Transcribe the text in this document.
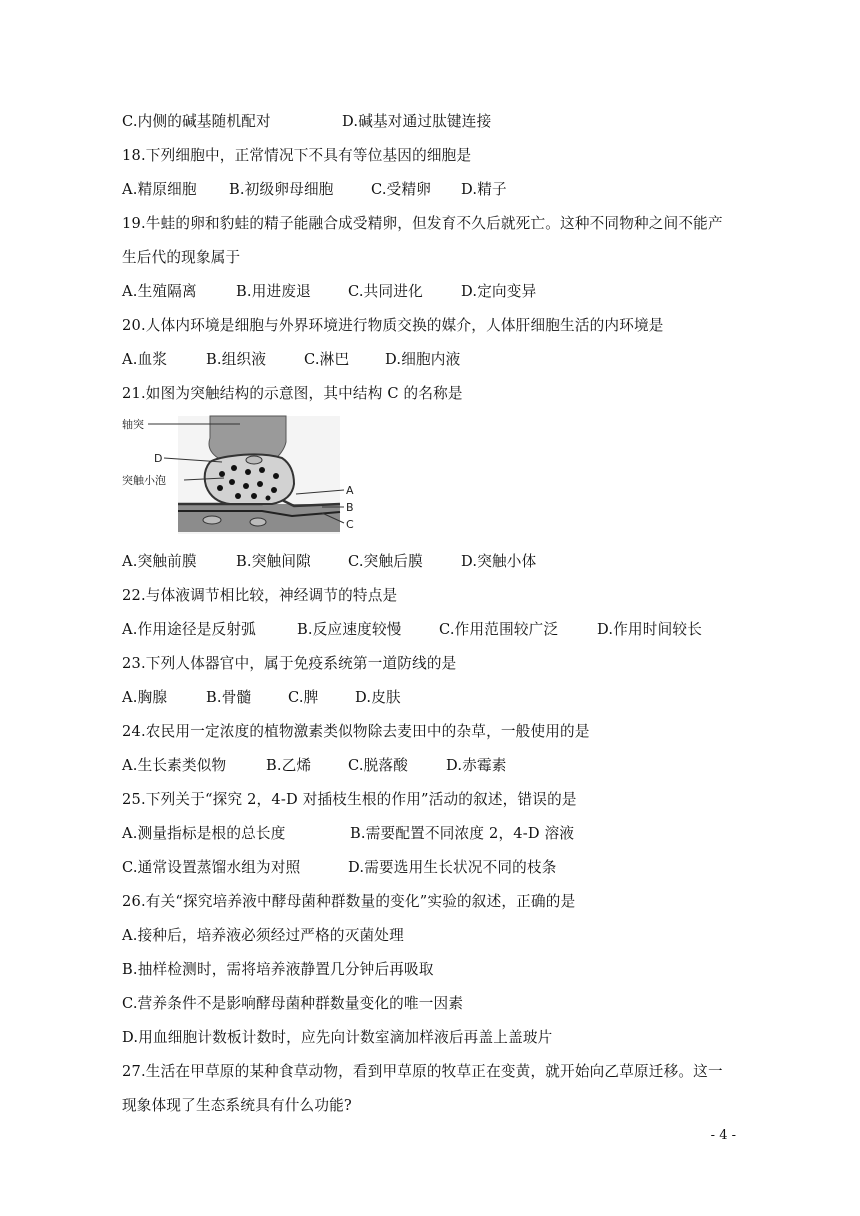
C.内侧的碱基随机配对	D.碱基对通过肽键连接
18.下列细胞中，正常情况下不具有等位基因的细胞是
A.精原细胞 B.初级卵母细胞	C.受精卵 D.精子
19.牛蛙的卵和豹蛙的精子能融合成受精卵，但发育不久后就死亡。这种不同物种之间不能产
生后代的现象属于
A.生殖隔离	B.用进废退	C.共同进化	D.定向变异
20.人体内环境是细胞与外界环境进行物质交换的媒介，人体肝细胞生活的内环境是
A.血浆	B.组织液	C.淋巴 D.细胞内液
21.如图为突触结构的示意图，其中结构 C 的名称是
轴突
D
突触小泡
A
B
C
A.突触前膜	B.突触间隙	C.突触后膜	D.突触小体
22.与体液调节相比较，神经调节的特点是
A.作用途径是反射弧	B.反应速度较慢	C.作用范围较广泛	D.作用时间较长
23.下列人体器官中，属于免疫系统第一道防线的是
A.胸腺	B.骨髓	C.脾	D.皮肤
24.农民用一定浓度的植物激素类似物除去麦田中的杂草，一般使用的是
A.生长素类似物	B.乙烯	C.脱落酸	D.赤霉素
25.下列关于“探究 2，4-D 对插枝生根的作用”活动的叙述，错误的是
A.测量指标是根的总长度	B.需要配置不同浓度 2，4-D 溶液
C.通常设置蒸馏水组为对照	D.需要选用生长状况不同的枝条
26.有关“探究培养液中酵母菌种群数量的变化”实验的叙述，正确的是
A.接种后，培养液必须经过严格的灭菌处理
B.抽样检测时，需将培养液静置几分钟后再吸取
C.营养条件不是影响酵母菌种群数量变化的唯一因素
D.用血细胞计数板计数时，应先向计数室滴加样液后再盖上盖玻片
27.生活在甲草原的某种食草动物，看到甲草原的牧草正在变黄，就开始向乙草原迁移。这一
现象体现了生态系统具有什么功能?
- 4 -
